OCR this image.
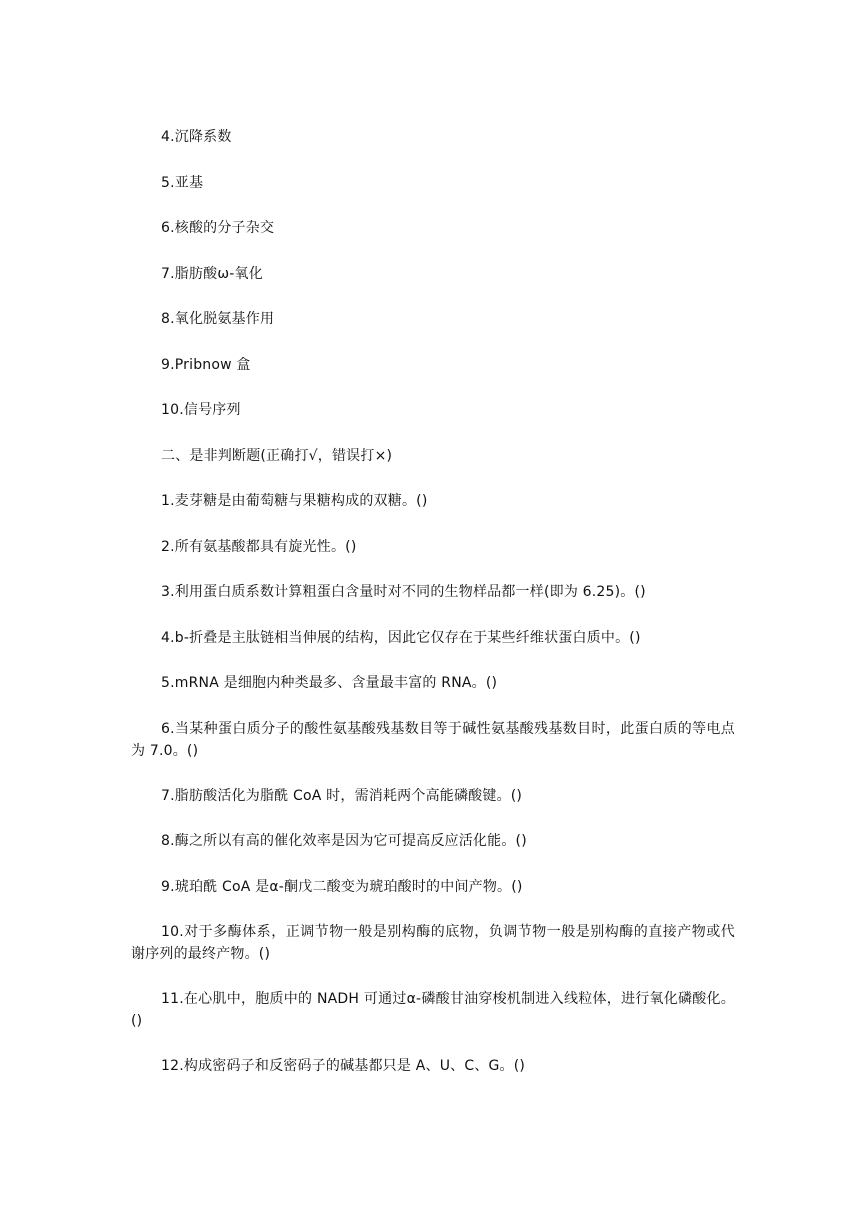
4.沉降系数

5.亚基

6.核酸的分子杂交

7.脂肪酸ω-氧化

8.氧化脱氨基作用

9.Pribnow 盒

10.信号序列

二、是非判断题(正确打√，错误打×)

1.麦芽糖是由葡萄糖与果糖构成的双糖。()

2.所有氨基酸都具有旋光性。()

3.利用蛋白质系数计算粗蛋白含量时对不同的生物样品都一样(即为 6.25)。()

4.b-折叠是主肽链相当伸展的结构，因此它仅存在于某些纤维状蛋白质中。()

5.mRNA 是细胞内种类最多、含量最丰富的 RNA。()

6.当某种蛋白质分子的酸性氨基酸残基数目等于碱性氨基酸残基数目时，此蛋白质的等电点为 7.0。()

7.脂肪酸活化为脂酰 CoA 时，需消耗两个高能磷酸键。()

8.酶之所以有高的催化效率是因为它可提高反应活化能。()

9.琥珀酰 CoA 是α-酮戊二酸变为琥珀酸时的中间产物。()

10.对于多酶体系，正调节物一般是别构酶的底物，负调节物一般是别构酶的直接产物或代谢序列的最终产物。()

11.在心肌中，胞质中的 NADH 可通过α-磷酸甘油穿梭机制进入线粒体，进行氧化磷酸化。()

12.构成密码子和反密码子的碱基都只是 A、U、C、G。()
